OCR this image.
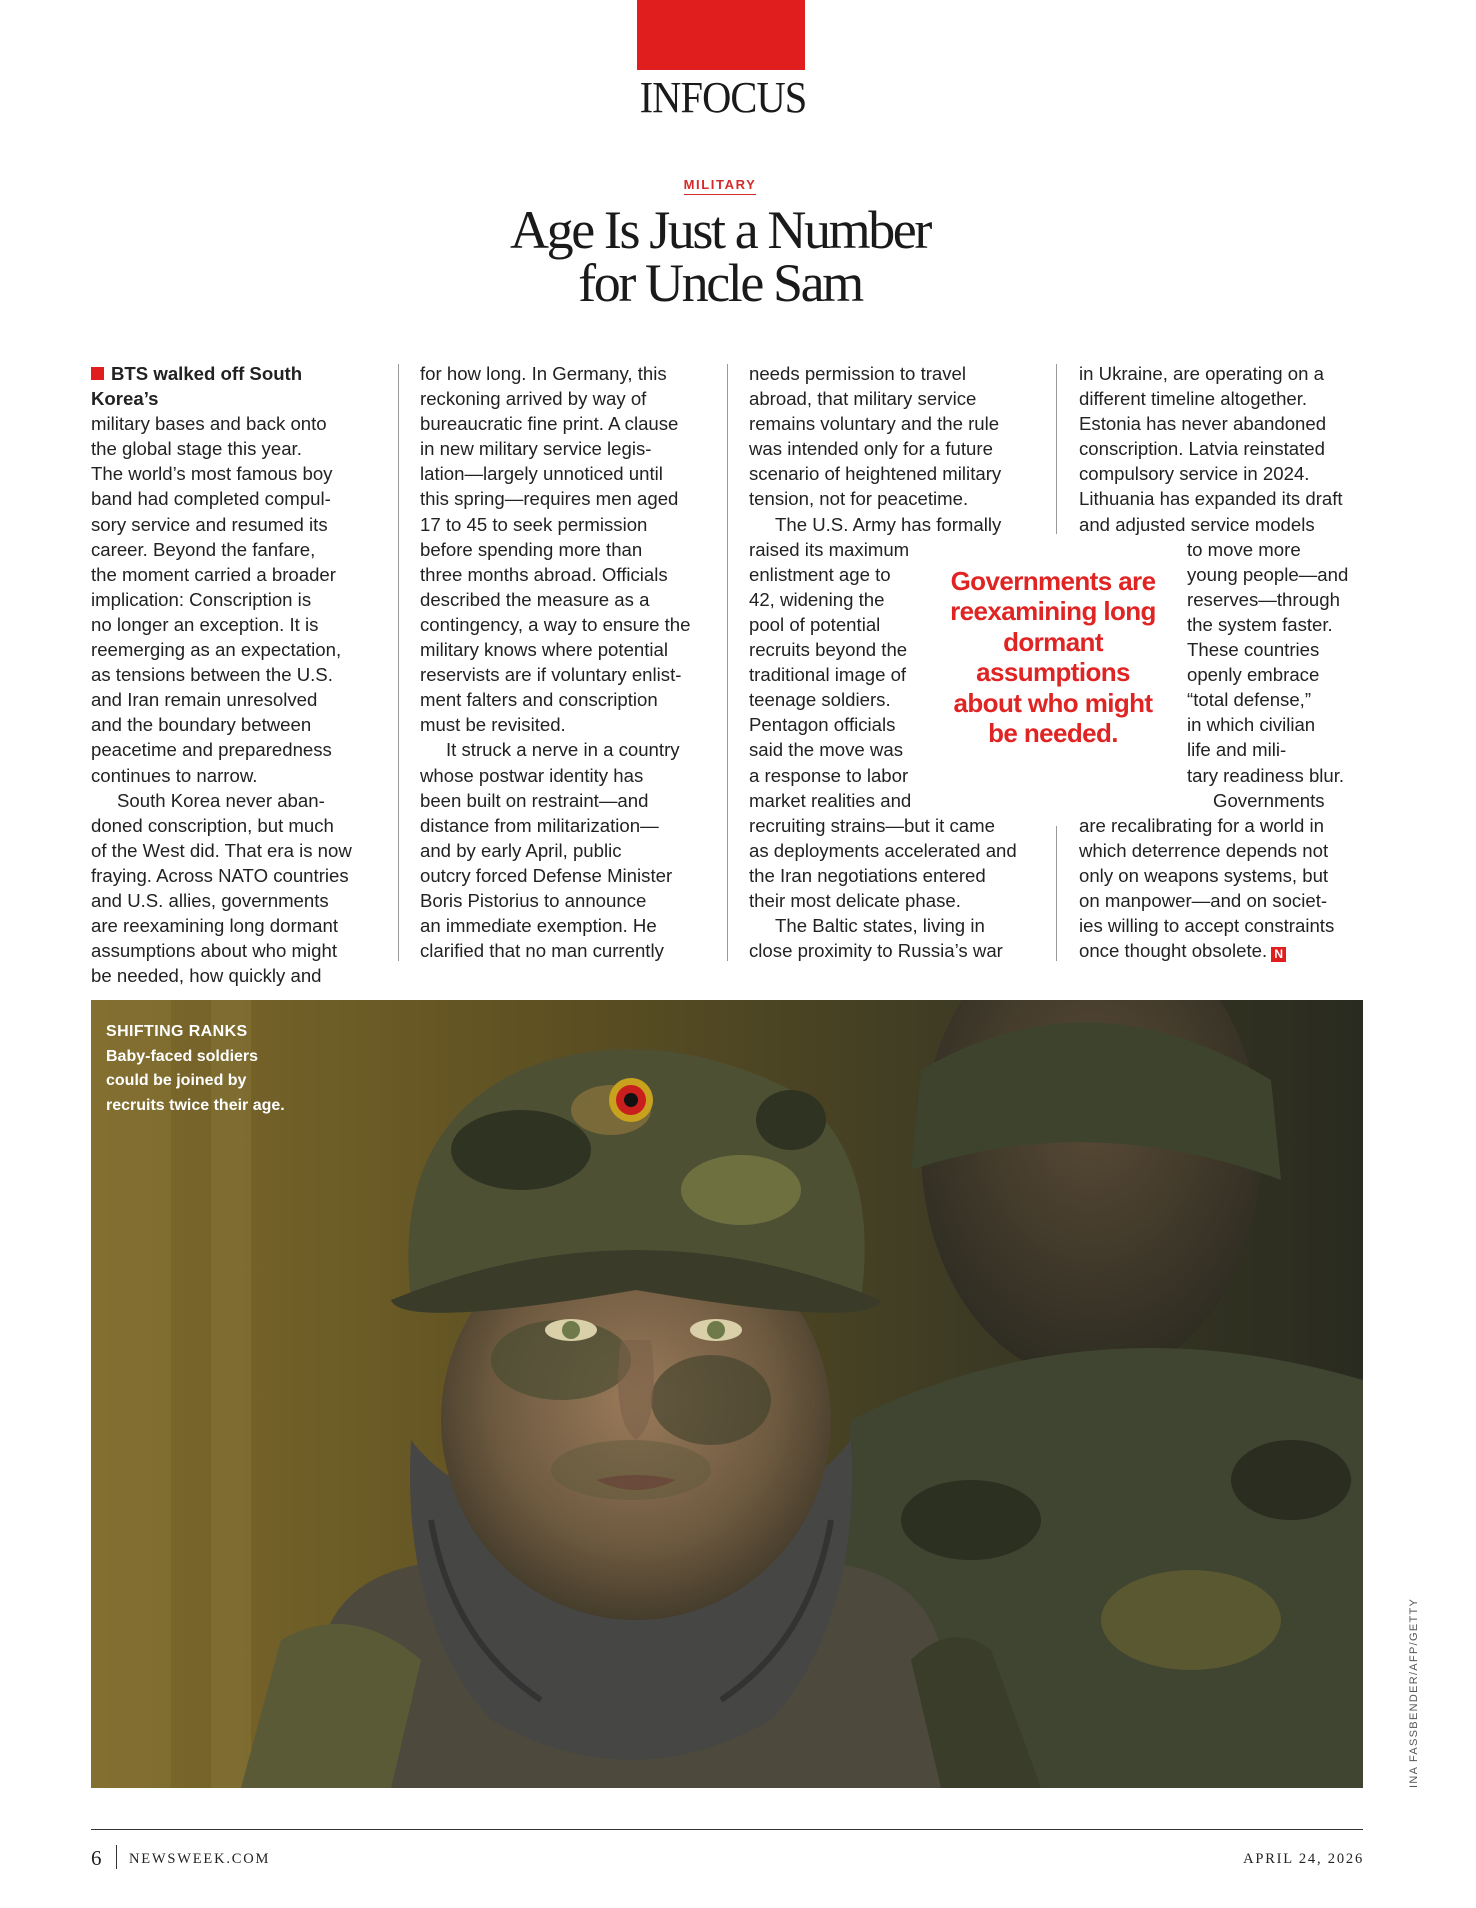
INFOCUS
MILITARY
Age Is Just a Number
for Uncle Sam

BTS walked off South Korea’s

military bases and back onto

the global stage this year.

The world’s most famous boy

band had completed compul-

sory service and resumed its

career. Beyond the fanfare,

the moment carried a broader

implication: Conscription is

no longer an exception. It is

reemerging as an expectation,

as tensions between the U.S.

and Iran remain unresolved

and the boundary between

peacetime and preparedness

continues to narrow.

South Korea never aban-

doned conscription, but much

of the West did. That era is now

fraying. Across NATO countries

and U.S. allies, governments

are reexamining long dormant

assumptions about who might

be needed, how quickly and

for how long. In Germany, this

reckoning arrived by way of

bureaucratic fine print. A clause

in new military service legis-

lation—largely unnoticed until

this spring—requires men aged

17 to 45 to seek permission

before spending more than

three months abroad. Officials

described the measure as a

contingency, a way to ensure the

military knows where potential

reservists are if voluntary enlist-

ment falters and conscription

must be revisited.

It struck a nerve in a country

whose postwar identity has

been built on restraint—and

distance from militarization—

and by early April, public

outcry forced Defense Minister

Boris Pistorius to announce

an immediate exemption. He

clarified that no man currently

needs permission to travel

abroad, that military service

remains voluntary and the rule

was intended only for a future

scenario of heightened military

tension, not for peacetime.

The U.S. Army has formally

raised its maximum

enlistment age to

42, widening the

pool of potential

recruits beyond the

traditional image of

teenage soldiers.

Pentagon officials

said the move was

a response to labor

market realities and

recruiting strains—but it came

as deployments accelerated and

the Iran negotiations entered

their most delicate phase.

The Baltic states, living in

close proximity to Russia’s war

in Ukraine, are operating on a

different timeline altogether.

Estonia has never abandoned

conscription. Latvia reinstated

compulsory service in 2024.

Lithuania has expanded its draft

and adjusted service models

to move more

young people—and

reserves—through

the system faster.

These countries

openly embrace

“total defense,”

in which civilian

life and mili-

tary readiness blur.

Governments

are recalibrating for a world in

which deterrence depends not

only on weapons systems, but

on manpower—and on societ-

ies willing to accept constraints

once thought obsolete. N

Governments are reexamining long dormant assumptions about who might be needed.
SHIFTING RANKS
Baby-faced soldiers
could be joined by
recruits twice their age.
INA FASSBENDER/AFP/GETTY
6 NEWSWEEK.COM	APRIL 24, 2026
